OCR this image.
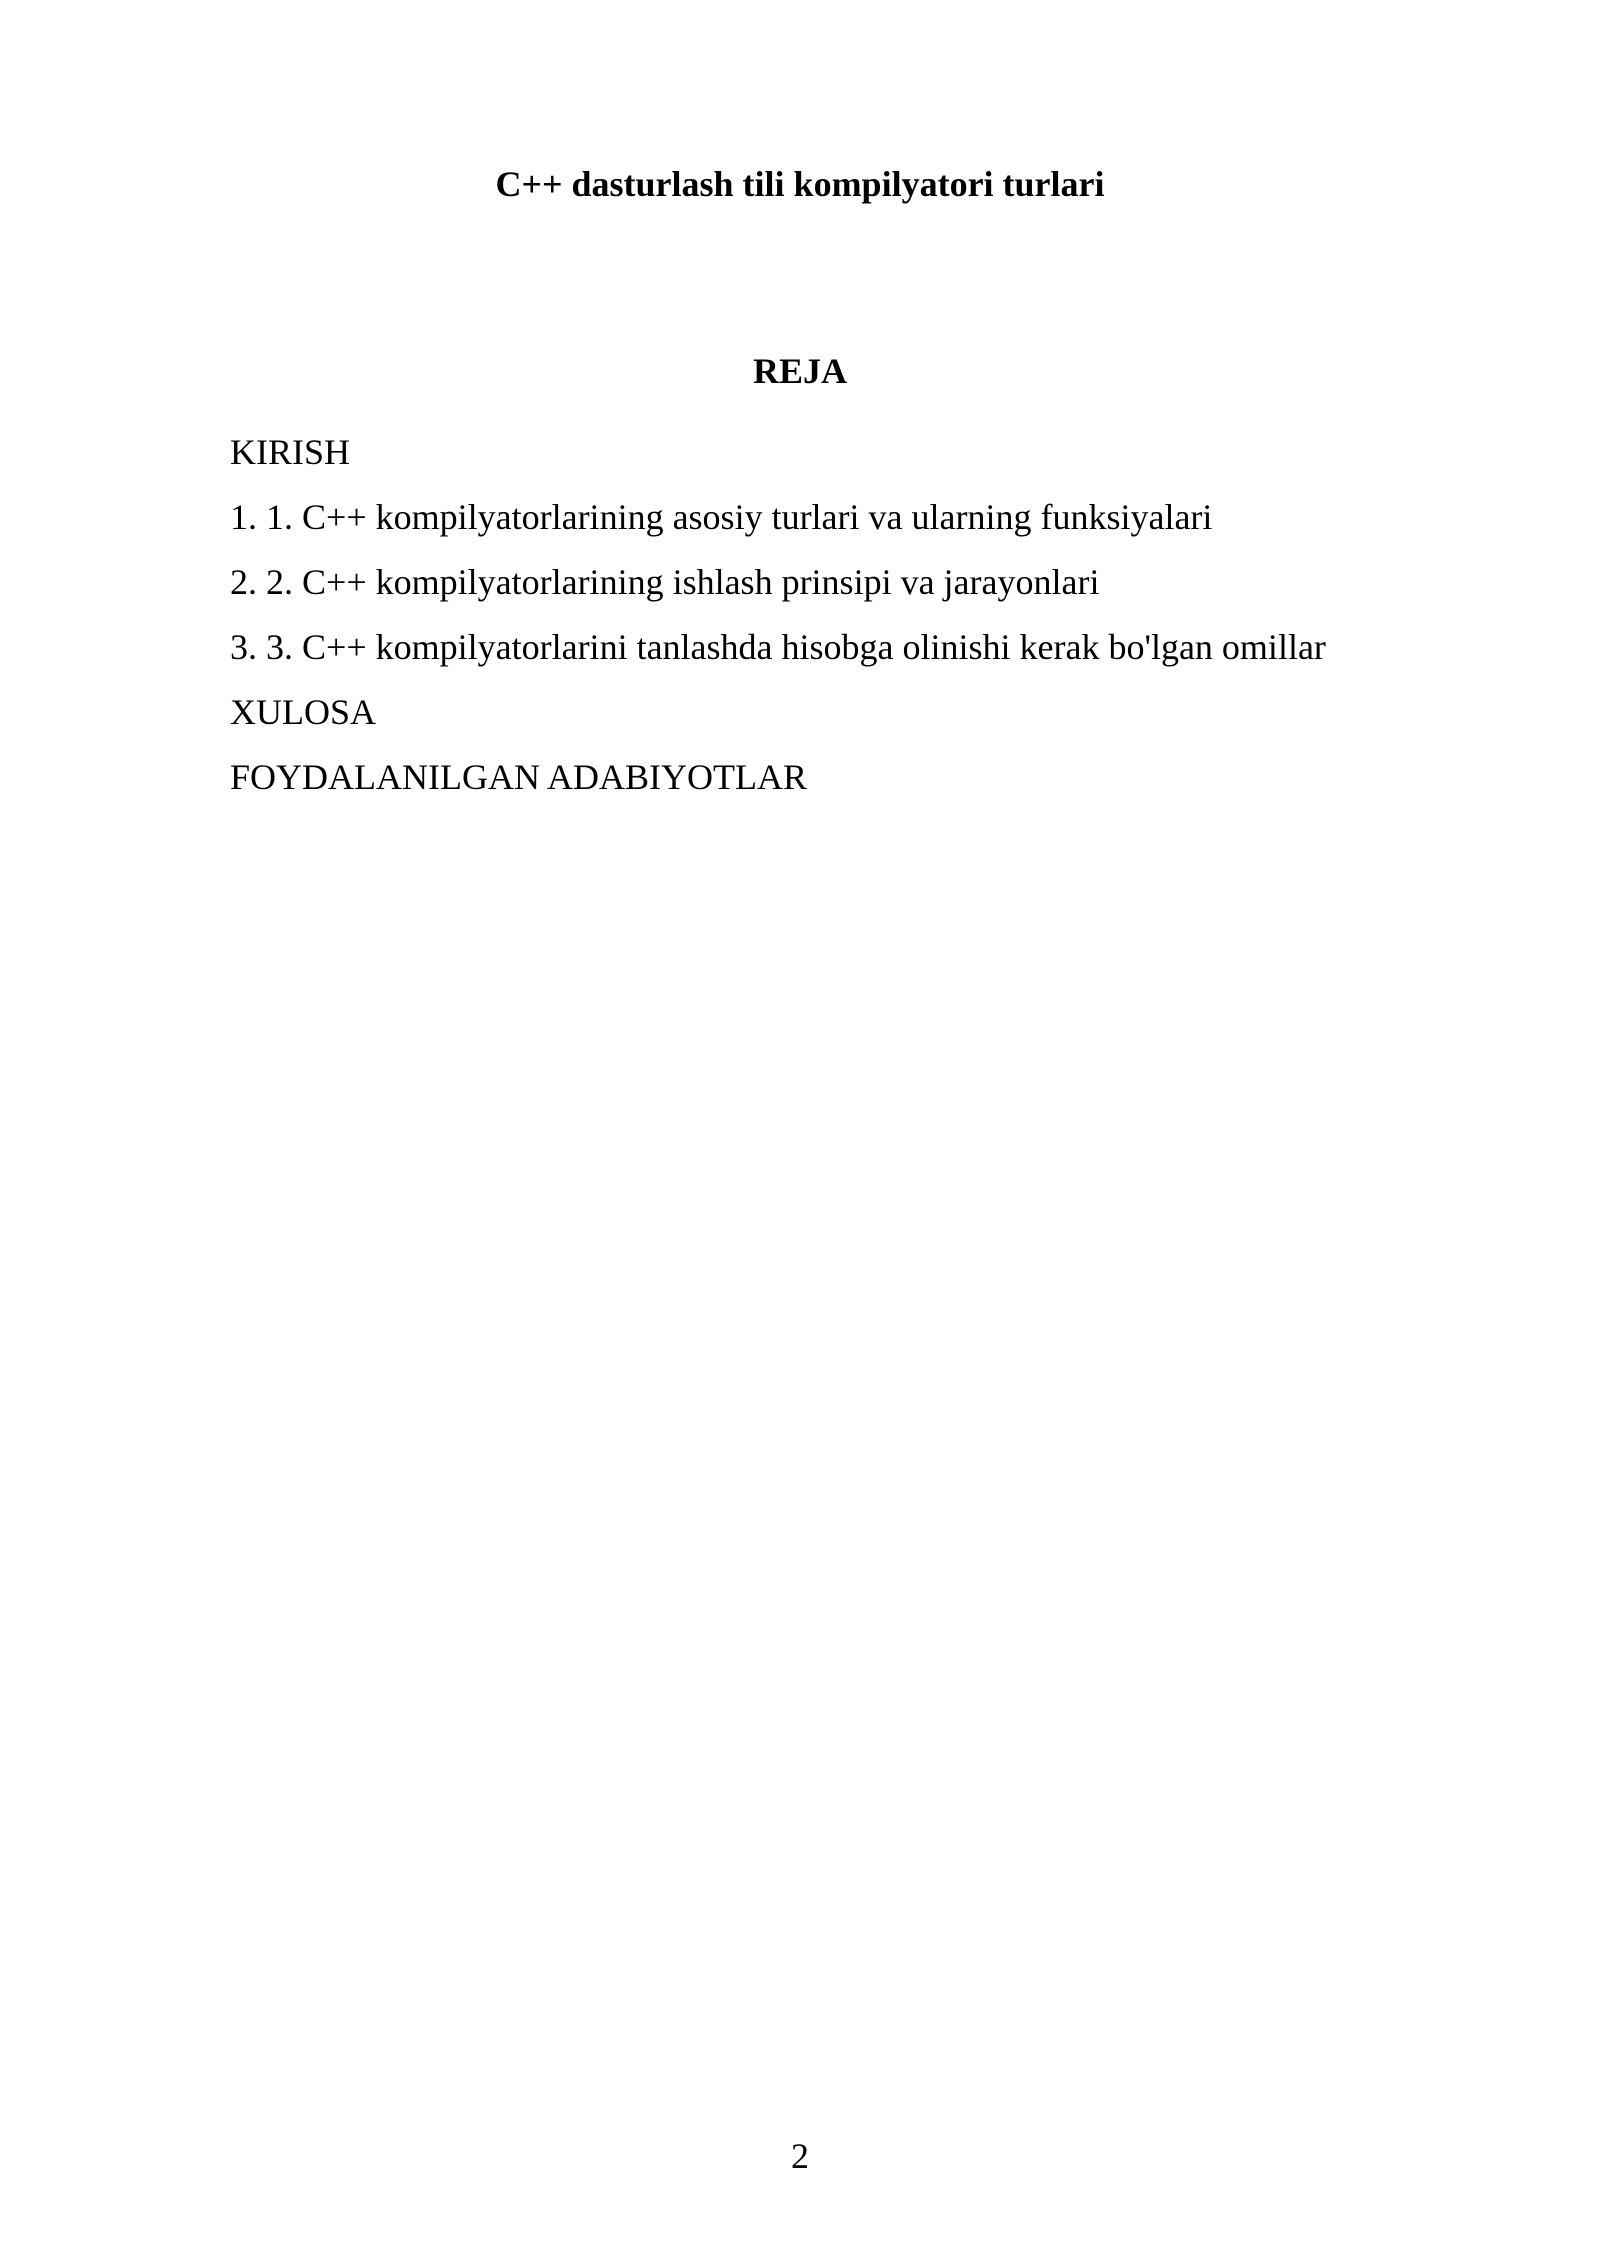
C++ dasturlash tili kompilyatori turlari
REJA
KIRISH
1. 1. C++ kompilyatorlarining asosiy turlari va ularning funksiyalari
2. 2. C++ kompilyatorlarining ishlash prinsipi va jarayonlari
3. 3. C++ kompilyatorlarini tanlashda hisobga olinishi kerak bo'lgan omillar
XULOSA
FOYDALANILGAN ADABIYOTLAR
2
